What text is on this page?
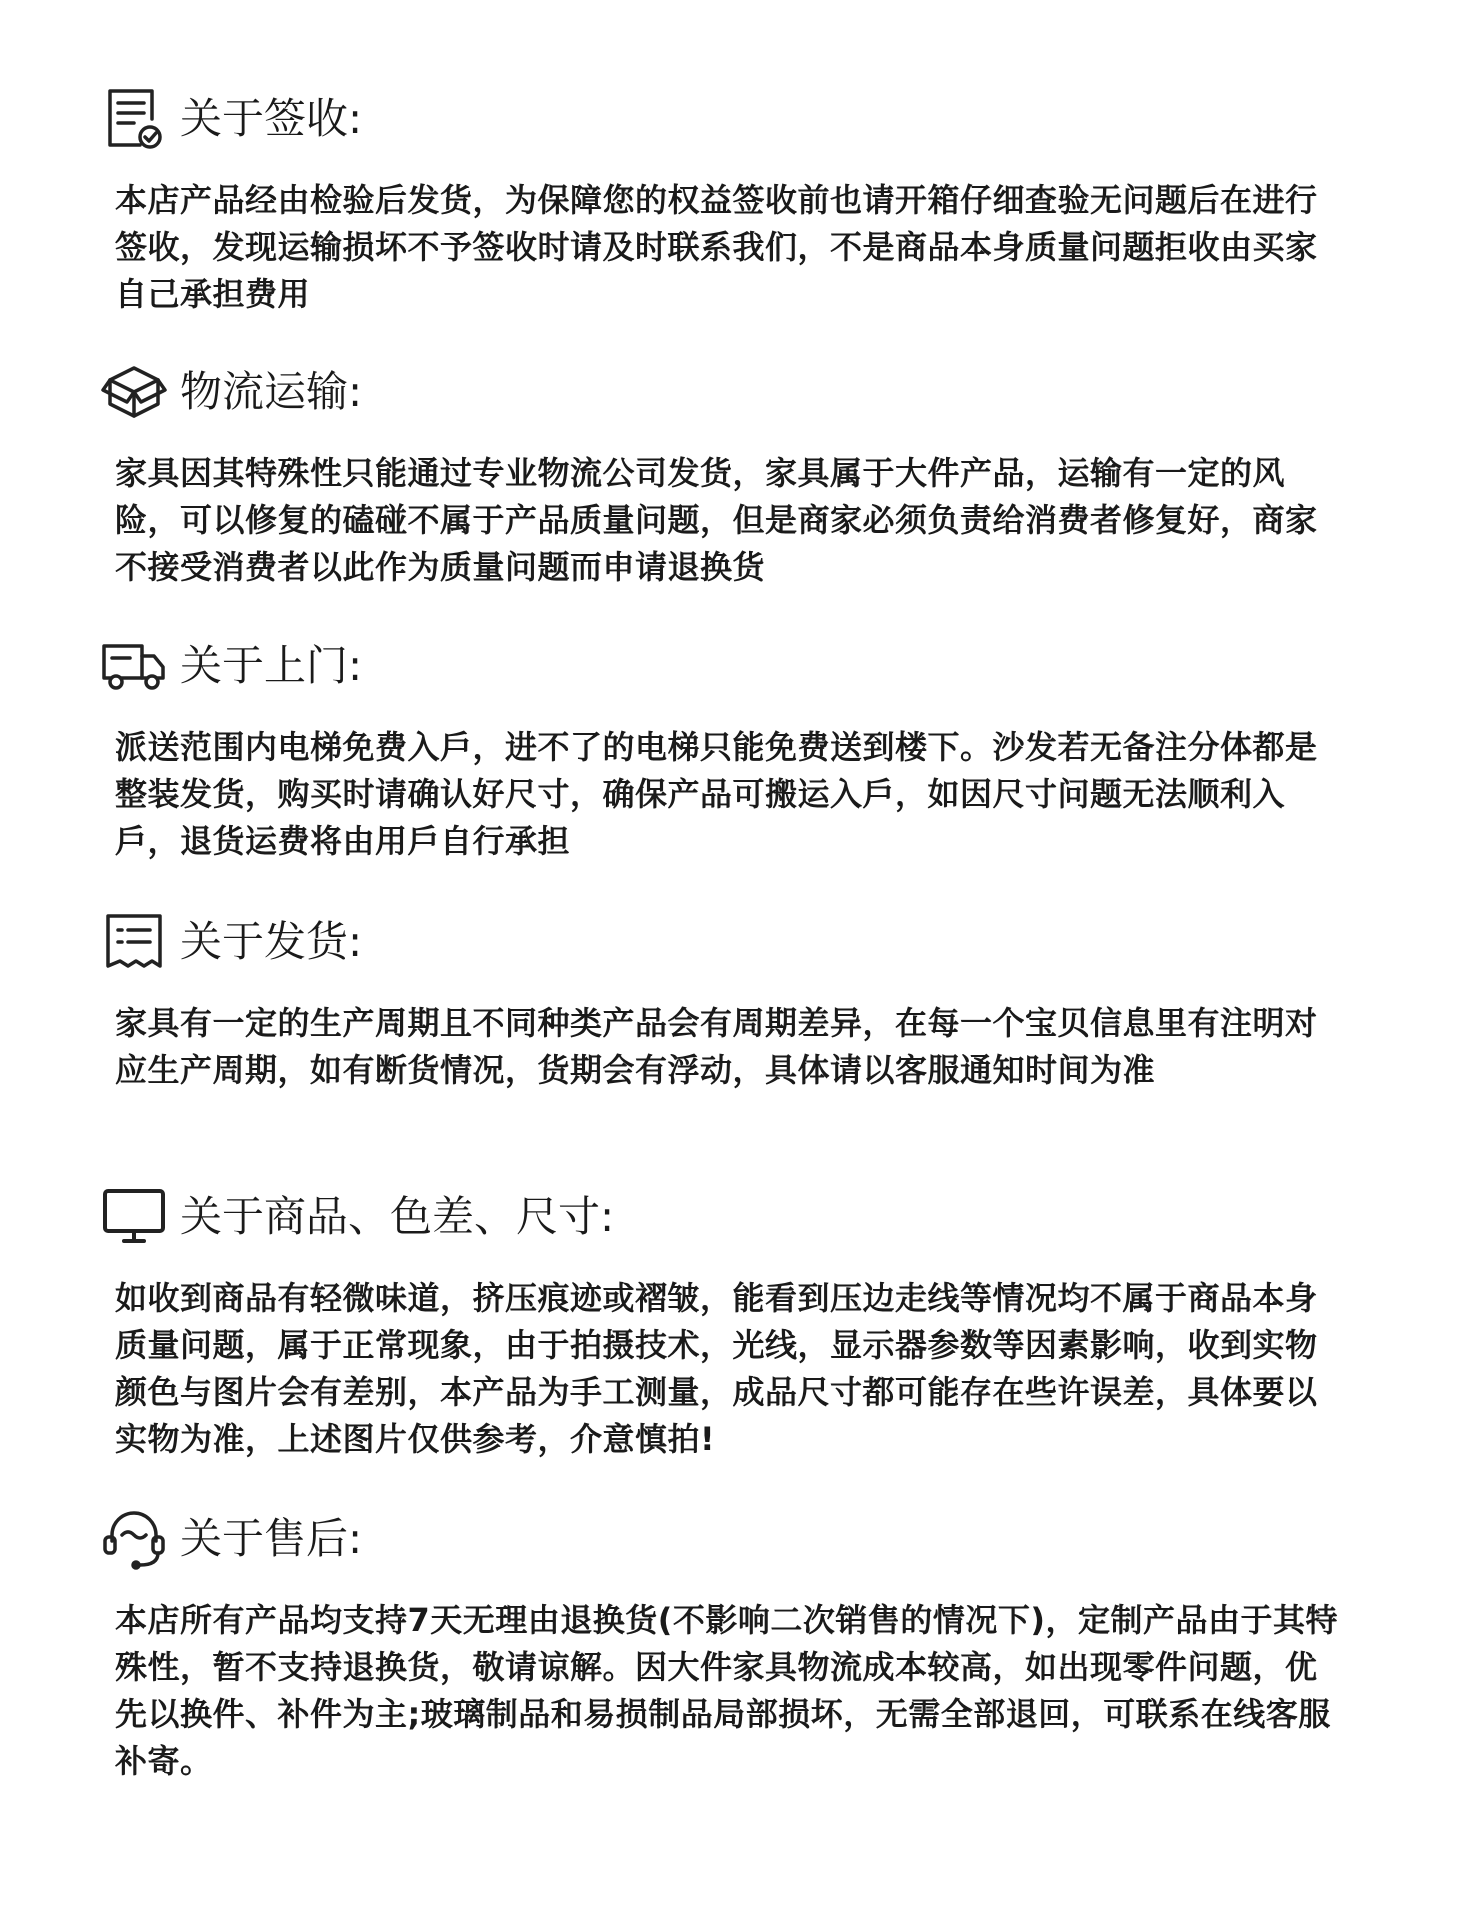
关于签收:

本店产品经由检验后发货，为保障您的权益签收前也请开箱仔细查验无问题后在进行签收，发现运输损坏不予签收时请及时联系我们，不是商品本身质量问题拒收由买家自己承担费用

物流运输:

家具因其特殊性只能通过专业物流公司发货，家具属于大件产品，运输有一定的风险，可以修复的磕碰不属于产品质量问题，但是商家必须负责给消费者修复好，商家不接受消费者以此作为质量问题而申请退换货

关于上门:

派送范围内电梯免费入戶，进不了的电梯只能免费送到楼下。沙发若无备注分体都是整装发货，购买时请确认好尺寸，确保产品可搬运入戶，如因尺寸问题无法顺利入戶，退货运费将由用戶自行承担

关于发货:

家具有一定的生产周期且不同种类产品会有周期差异，在每一个宝贝信息里有注明对应生产周期，如有断货情况，货期会有浮动，具体请以客服通知时间为准

关于商品、色差、尺寸:

如收到商品有轻微味道，挤压痕迹或褶皱，能看到压边走线等情况均不属于商品本身质量问题，属于正常现象，由于拍摄技术，光线，显示器参数等因素影响，收到实物颜色与图片会有差别，本产品为手工测量，成品尺寸都可能存在些许误差，具体要以实物为准，上述图片仅供参考，介意慎拍!

关于售后:

本店所有产品均支持7天无理由退换货(不影响二次销售的情况下)，定制产品由于其特殊性，暂不支持退换货，敬请谅解。因大件家具物流成本较高，如出现零件问题，优先以换件、补件为主;玻璃制品和易损制品局部损坏，无需全部退回，可联系在线客服补寄。
